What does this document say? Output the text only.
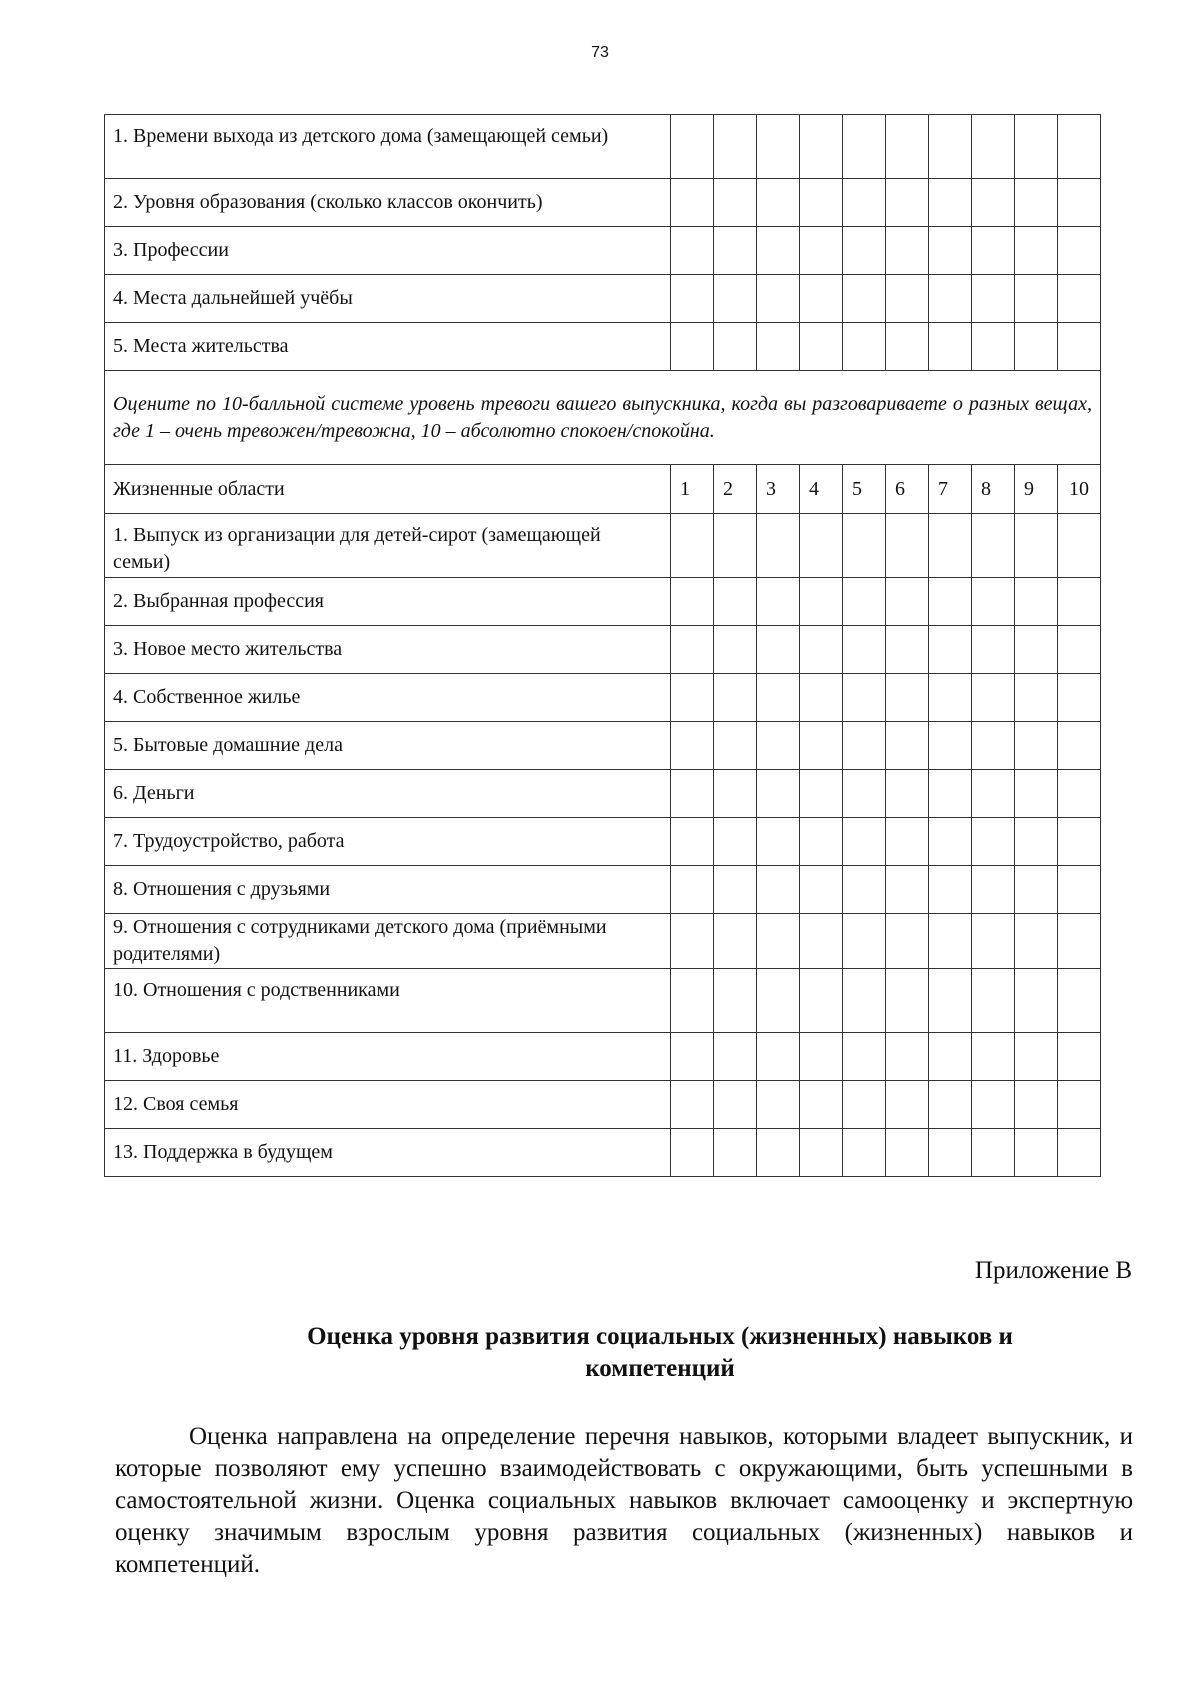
73
1. Времени выхода из детского дома (замещающей семьи)										
2. Уровня образования (сколько классов окончить)										
3. Профессии										
4. Места дальнейшей учёбы										
5. Места жительства										
Оцените по 10-балльной системе уровень тревоги вашего выпускника, когда вы разговариваете о разных вещах, где 1 – очень тревожен/тревожна, 10 – абсолютно спокоен/спокойна.										
Жизненные области	1	2	3	4	5	6	7	8	9	10
1. Выпуск из организации для детей-сирот (замещающей семьи)										
2. Выбранная профессия										
3. Новое место жительства										
4. Собственное жилье										
5. Бытовые домашние дела										
6. Деньги										
7. Трудоустройство, работа										
8. Отношения с друзьями										
9. Отношения с сотрудниками детского дома (приёмными родителями)										
10. Отношения с родственниками										
11. Здоровье										
12. Своя семья										
13. Поддержка в будущем										
Приложение В
Оценка уровня развития социальных (жизненных) навыков и компетенций
Оценка направлена на определение перечня навыков, которыми владеет выпускник, и которые позволяют ему успешно взаимодействовать с окружающими, быть успешными в самостоятельной жизни. Оценка социальных навыков включает самооценку и экспертную оценку значимым взрослым уровня развития социальных (жизненных) навыков и компетенций.
